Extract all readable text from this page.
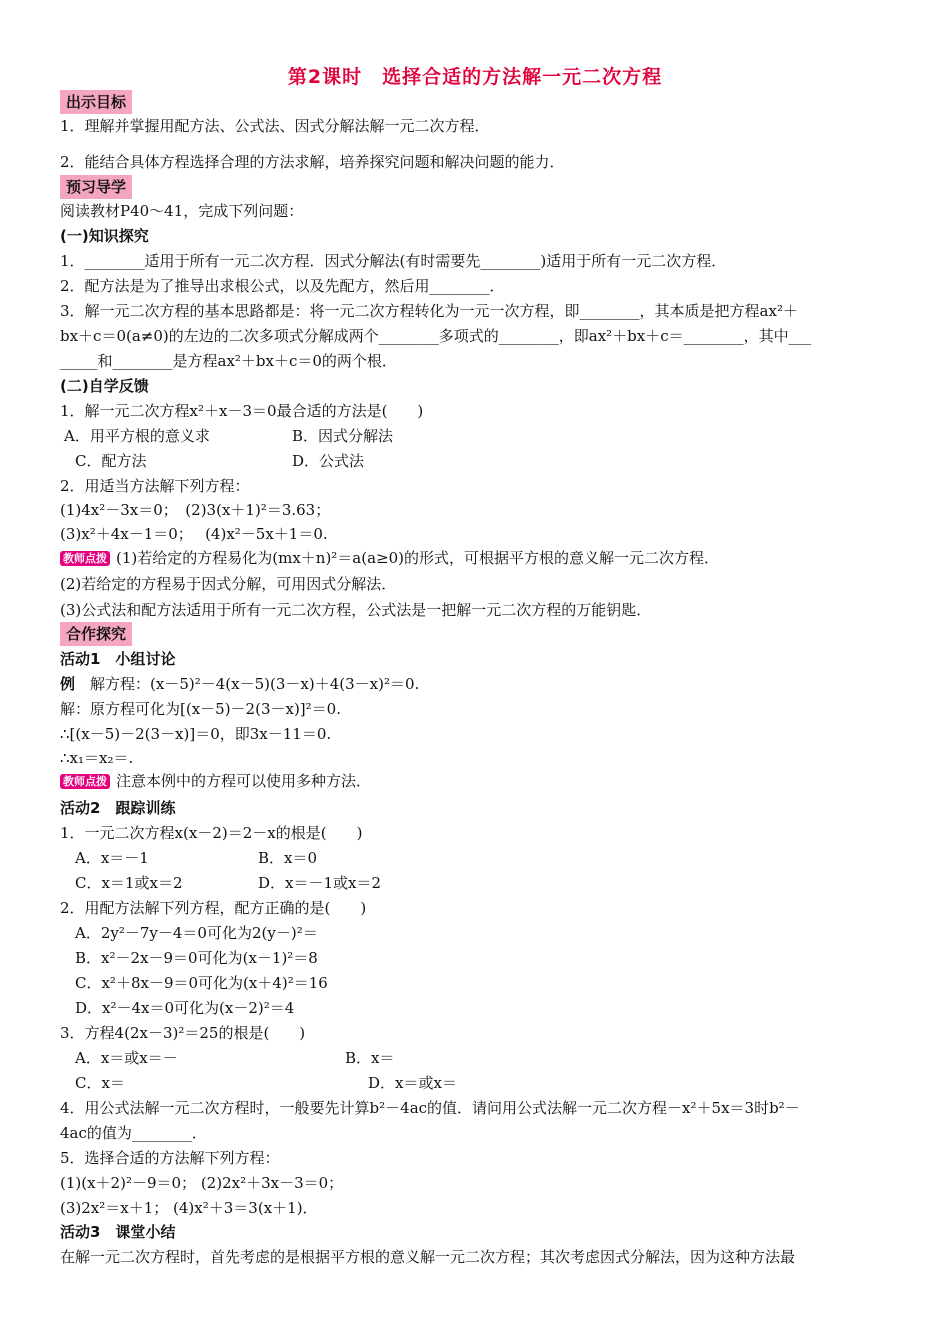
第2课时　选择合适的方法解一元二次方程
出示目标
1．理解并掌握用配方法、公式法、因式分解法解一元二次方程．
2．能结合具体方程选择合理的方法求解，培养探究问题和解决问题的能力．
预习导学
阅读教材P40～41，完成下列问题：
(一)知识探究
1．________适用于所有一元二次方程．因式分解法(有时需要先________)适用于所有一元二次方程．
2．配方法是为了推导出求根公式，以及先配方，然后用________．
3．解一元二次方程的基本思路都是：将一元二次方程转化为一元一次方程，即________，其本质是把方程ax²＋
bx＋c＝0(a≠0)的左边的二次多项式分解成两个________多项式的________，即ax²＋bx＋c＝________，其中___
_____和________是方程ax²＋bx＋c＝0的两个根．
(二)自学反馈
1．解一元二次方程x²＋x－3＝0最合适的方法是(　　)
A．用平方根的意义求	B．因式分解法
C．配方法	D．公式法
2．用适当方法解下列方程：
(1)4x²－3x＝0；　(2)3(x＋1)²＝3.63；
(3)x²＋4x－1＝0；　 (4)x²－5x＋1＝0.
教师点拨 (1)若给定的方程易化为(mx＋n)²＝a(a≥0)的形式，可根据平方根的意义解一元二次方程．
(2)若给定的方程易于因式分解，可用因式分解法．
(3)公式法和配方法适用于所有一元二次方程，公式法是一把解一元二次方程的万能钥匙．
合作探究
活动1　小组讨论
例　解方程：(x－5)²－4(x－5)(3－x)＋4(3－x)²＝0.
解：原方程可化为[(x－5)－2(3－x)]²＝0.
∴[(x－5)－2(3－x)]＝0，即3x－11＝0.
∴x₁＝x₂＝.
教师点拨 注意本例中的方程可以使用多种方法．
活动2　跟踪训练
1．一元二次方程x(x－2)＝2－x的根是(　　)
A．x＝－1	B．x＝0
C．x＝1或x＝2	D．x＝－1或x＝2
2．用配方法解下列方程，配方正确的是(　　)
A．2y²－7y－4＝0可化为2(y－)²＝
B．x²－2x－9＝0可化为(x－1)²＝8
C．x²＋8x－9＝0可化为(x＋4)²＝16
D．x²－4x＝0可化为(x－2)²＝4
3．方程4(2x－3)²＝25的根是(　　)
A．x＝或x＝－	B．x＝
C．x＝	D．x＝或x＝
4．用公式法解一元二次方程时，一般要先计算b²－4ac的值．请问用公式法解一元二次方程－x²＋5x＝3时b²－
4ac的值为________．
5．选择合适的方法解下列方程：
(1)(x＋2)²－9＝0； (2)2x²＋3x－3＝0；
(3)2x²＝x＋1； (4)x²＋3＝3(x＋1)．
活动3　课堂小结
在解一元二次方程时，首先考虑的是根据平方根的意义解一元二次方程；其次考虑因式分解法，因为这种方法最
